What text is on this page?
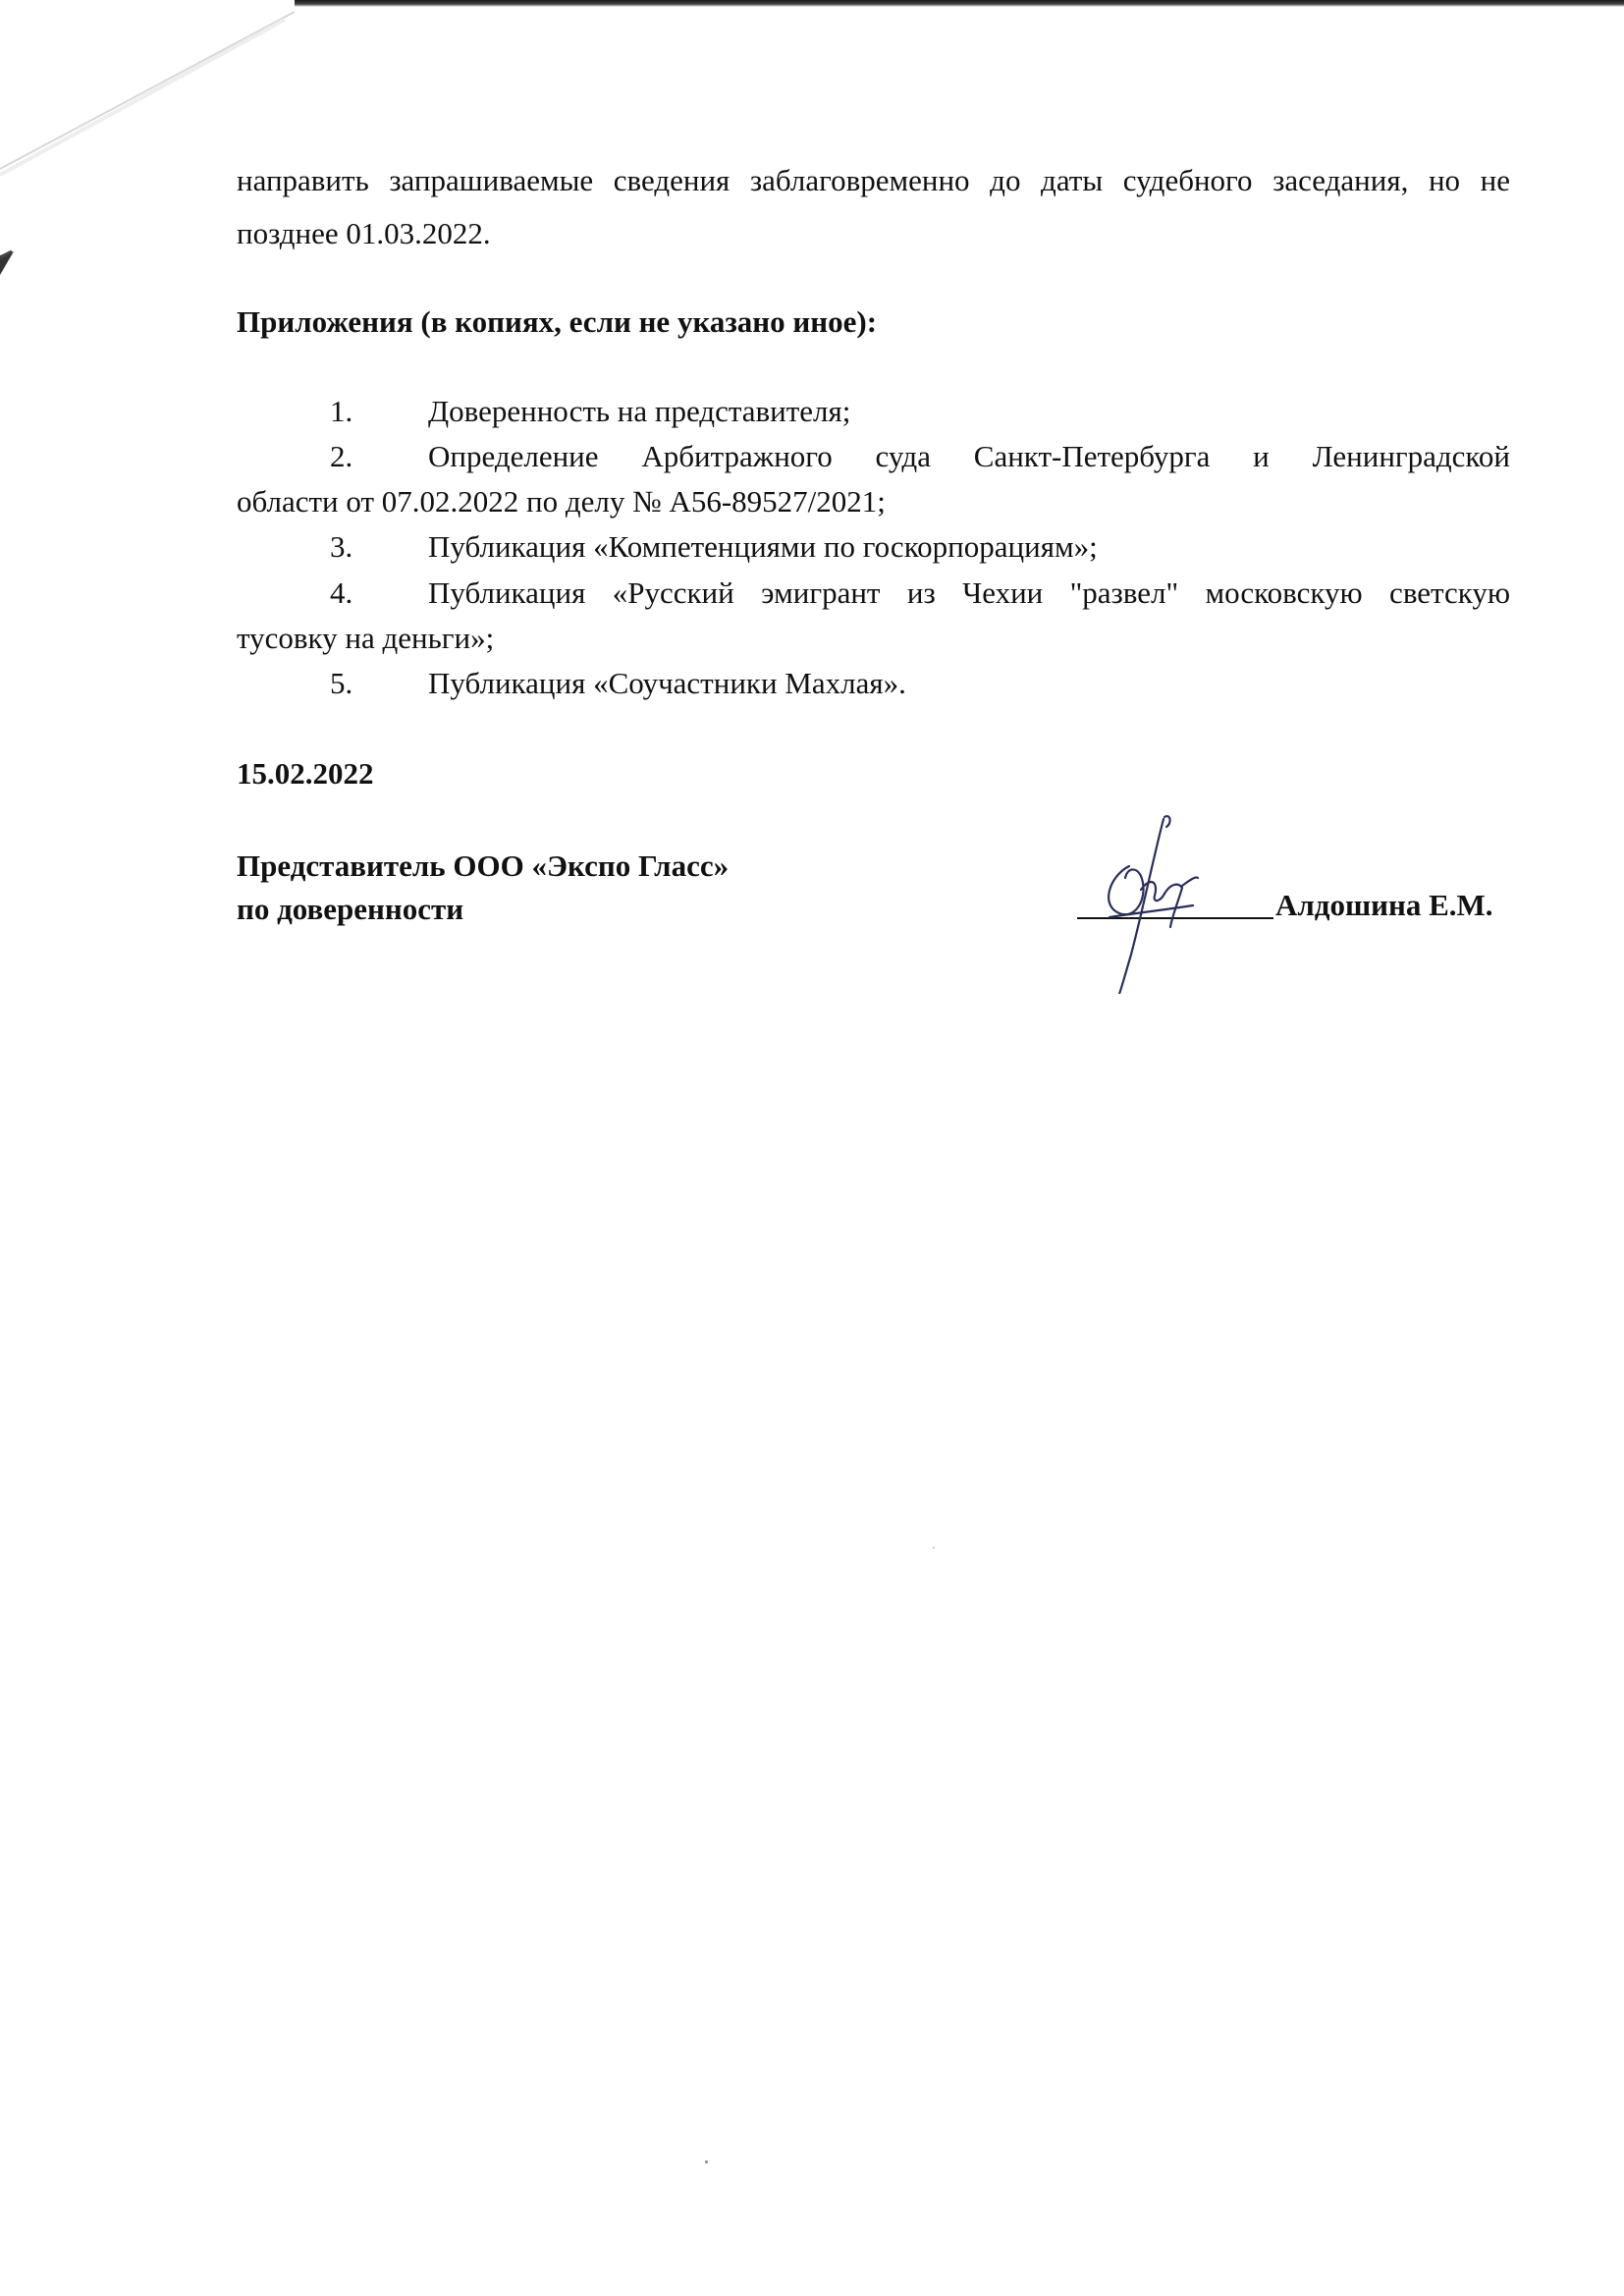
направить запрашиваемые сведения заблаговременно до даты судебного заседания, но не
позднее 01.03.2022.
Приложения (в копиях, если не указано иное):
1.	Доверенность на представителя;
2.	Определение Арбитражного суда Санкт-Петербурга и Ленинградской
области от 07.02.2022 по делу № А56-89527/2021;
3.	Публикация «Компетенциями по госкорпорациям»;
4.	Публикация «Русский эмигрант из Чехии "развел" московскую светскую
тусовку на деньги»;
5.	Публикация «Соучастники Махлая».
15.02.2022
Представитель ООО «Экспо Гласс»
по доверенности	Алдошина Е.М.
